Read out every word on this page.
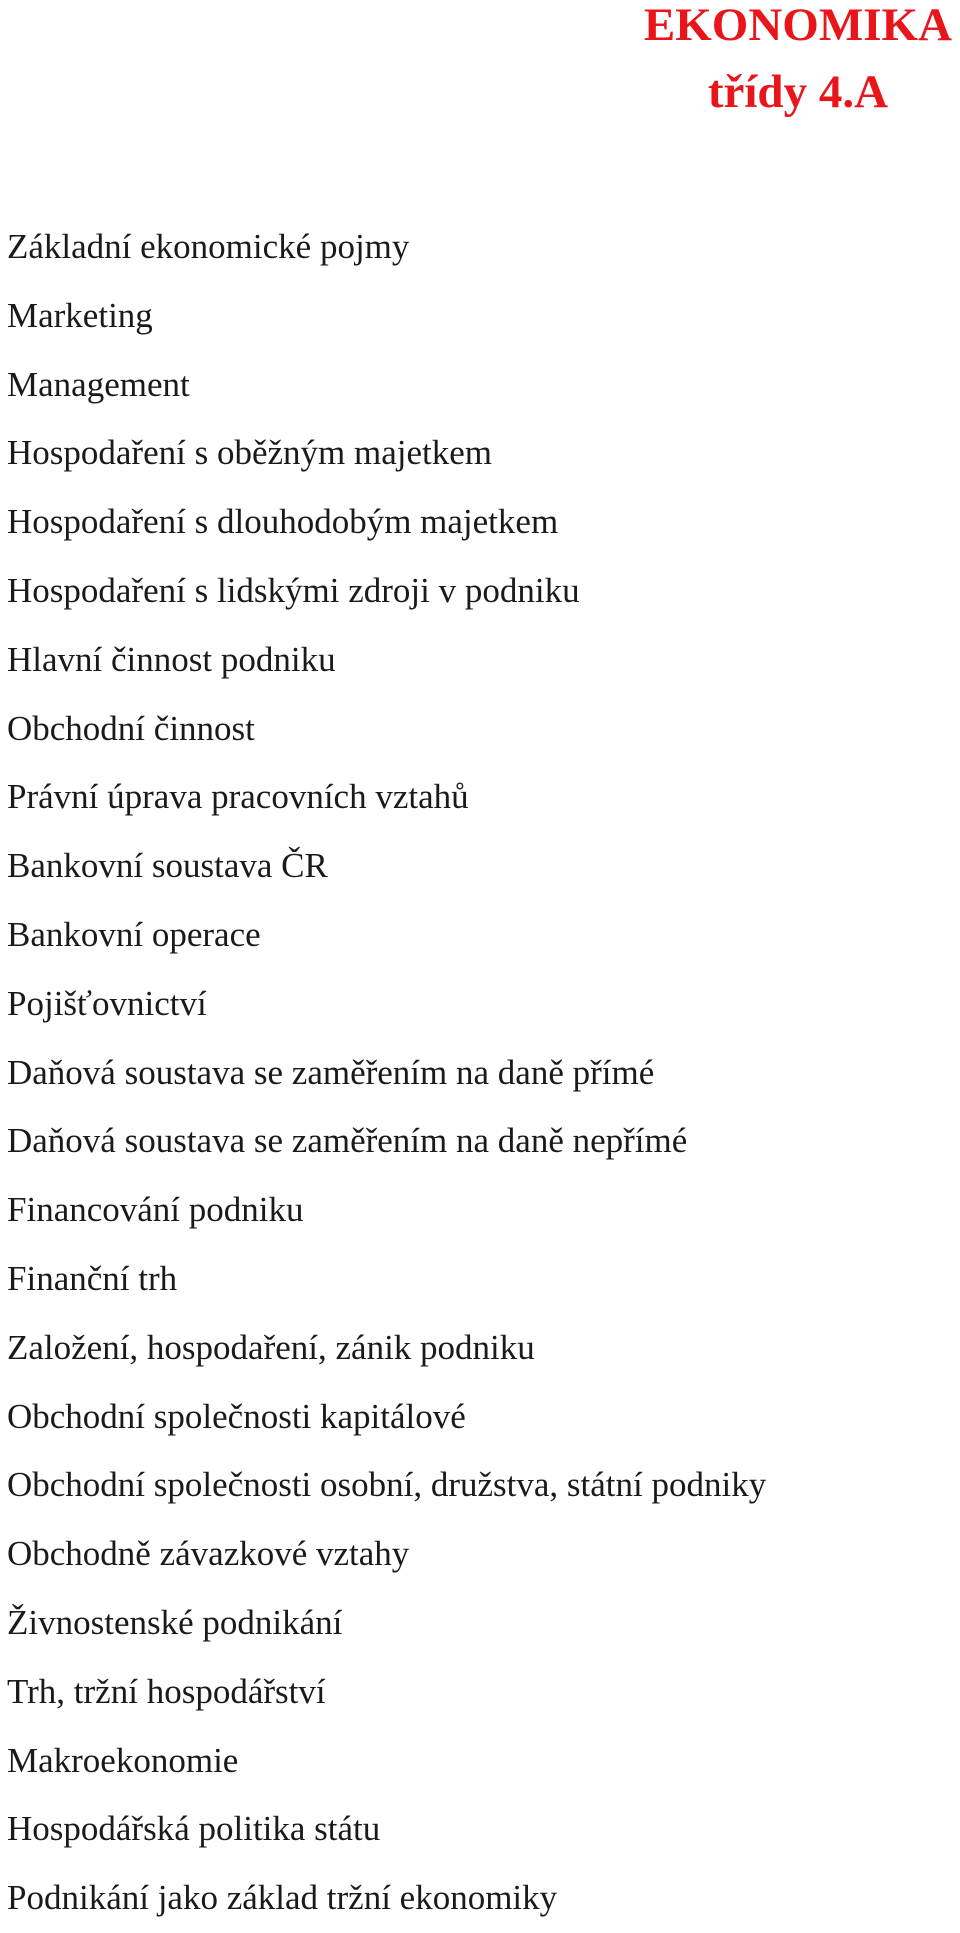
EKONOMIKA
třídy 4.A
Základní ekonomické pojmy
Marketing
Management
Hospodaření s oběžným majetkem
Hospodaření s dlouhodobým majetkem
Hospodaření s lidskými zdroji v podniku
Hlavní činnost podniku
Obchodní činnost
Právní úprava pracovních vztahů
Bankovní soustava ČR
Bankovní operace
Pojišťovnictví
Daňová soustava se zaměřením na daně přímé
Daňová soustava se zaměřením na daně nepřímé
Financování podniku
Finanční trh
Založení, hospodaření, zánik podniku
Obchodní společnosti kapitálové
Obchodní společnosti osobní, družstva, státní podniky
Obchodně závazkové vztahy
Živnostenské podnikání
Trh, tržní hospodářství
Makroekonomie
Hospodářská politika státu
Podnikání jako základ tržní ekonomiky
